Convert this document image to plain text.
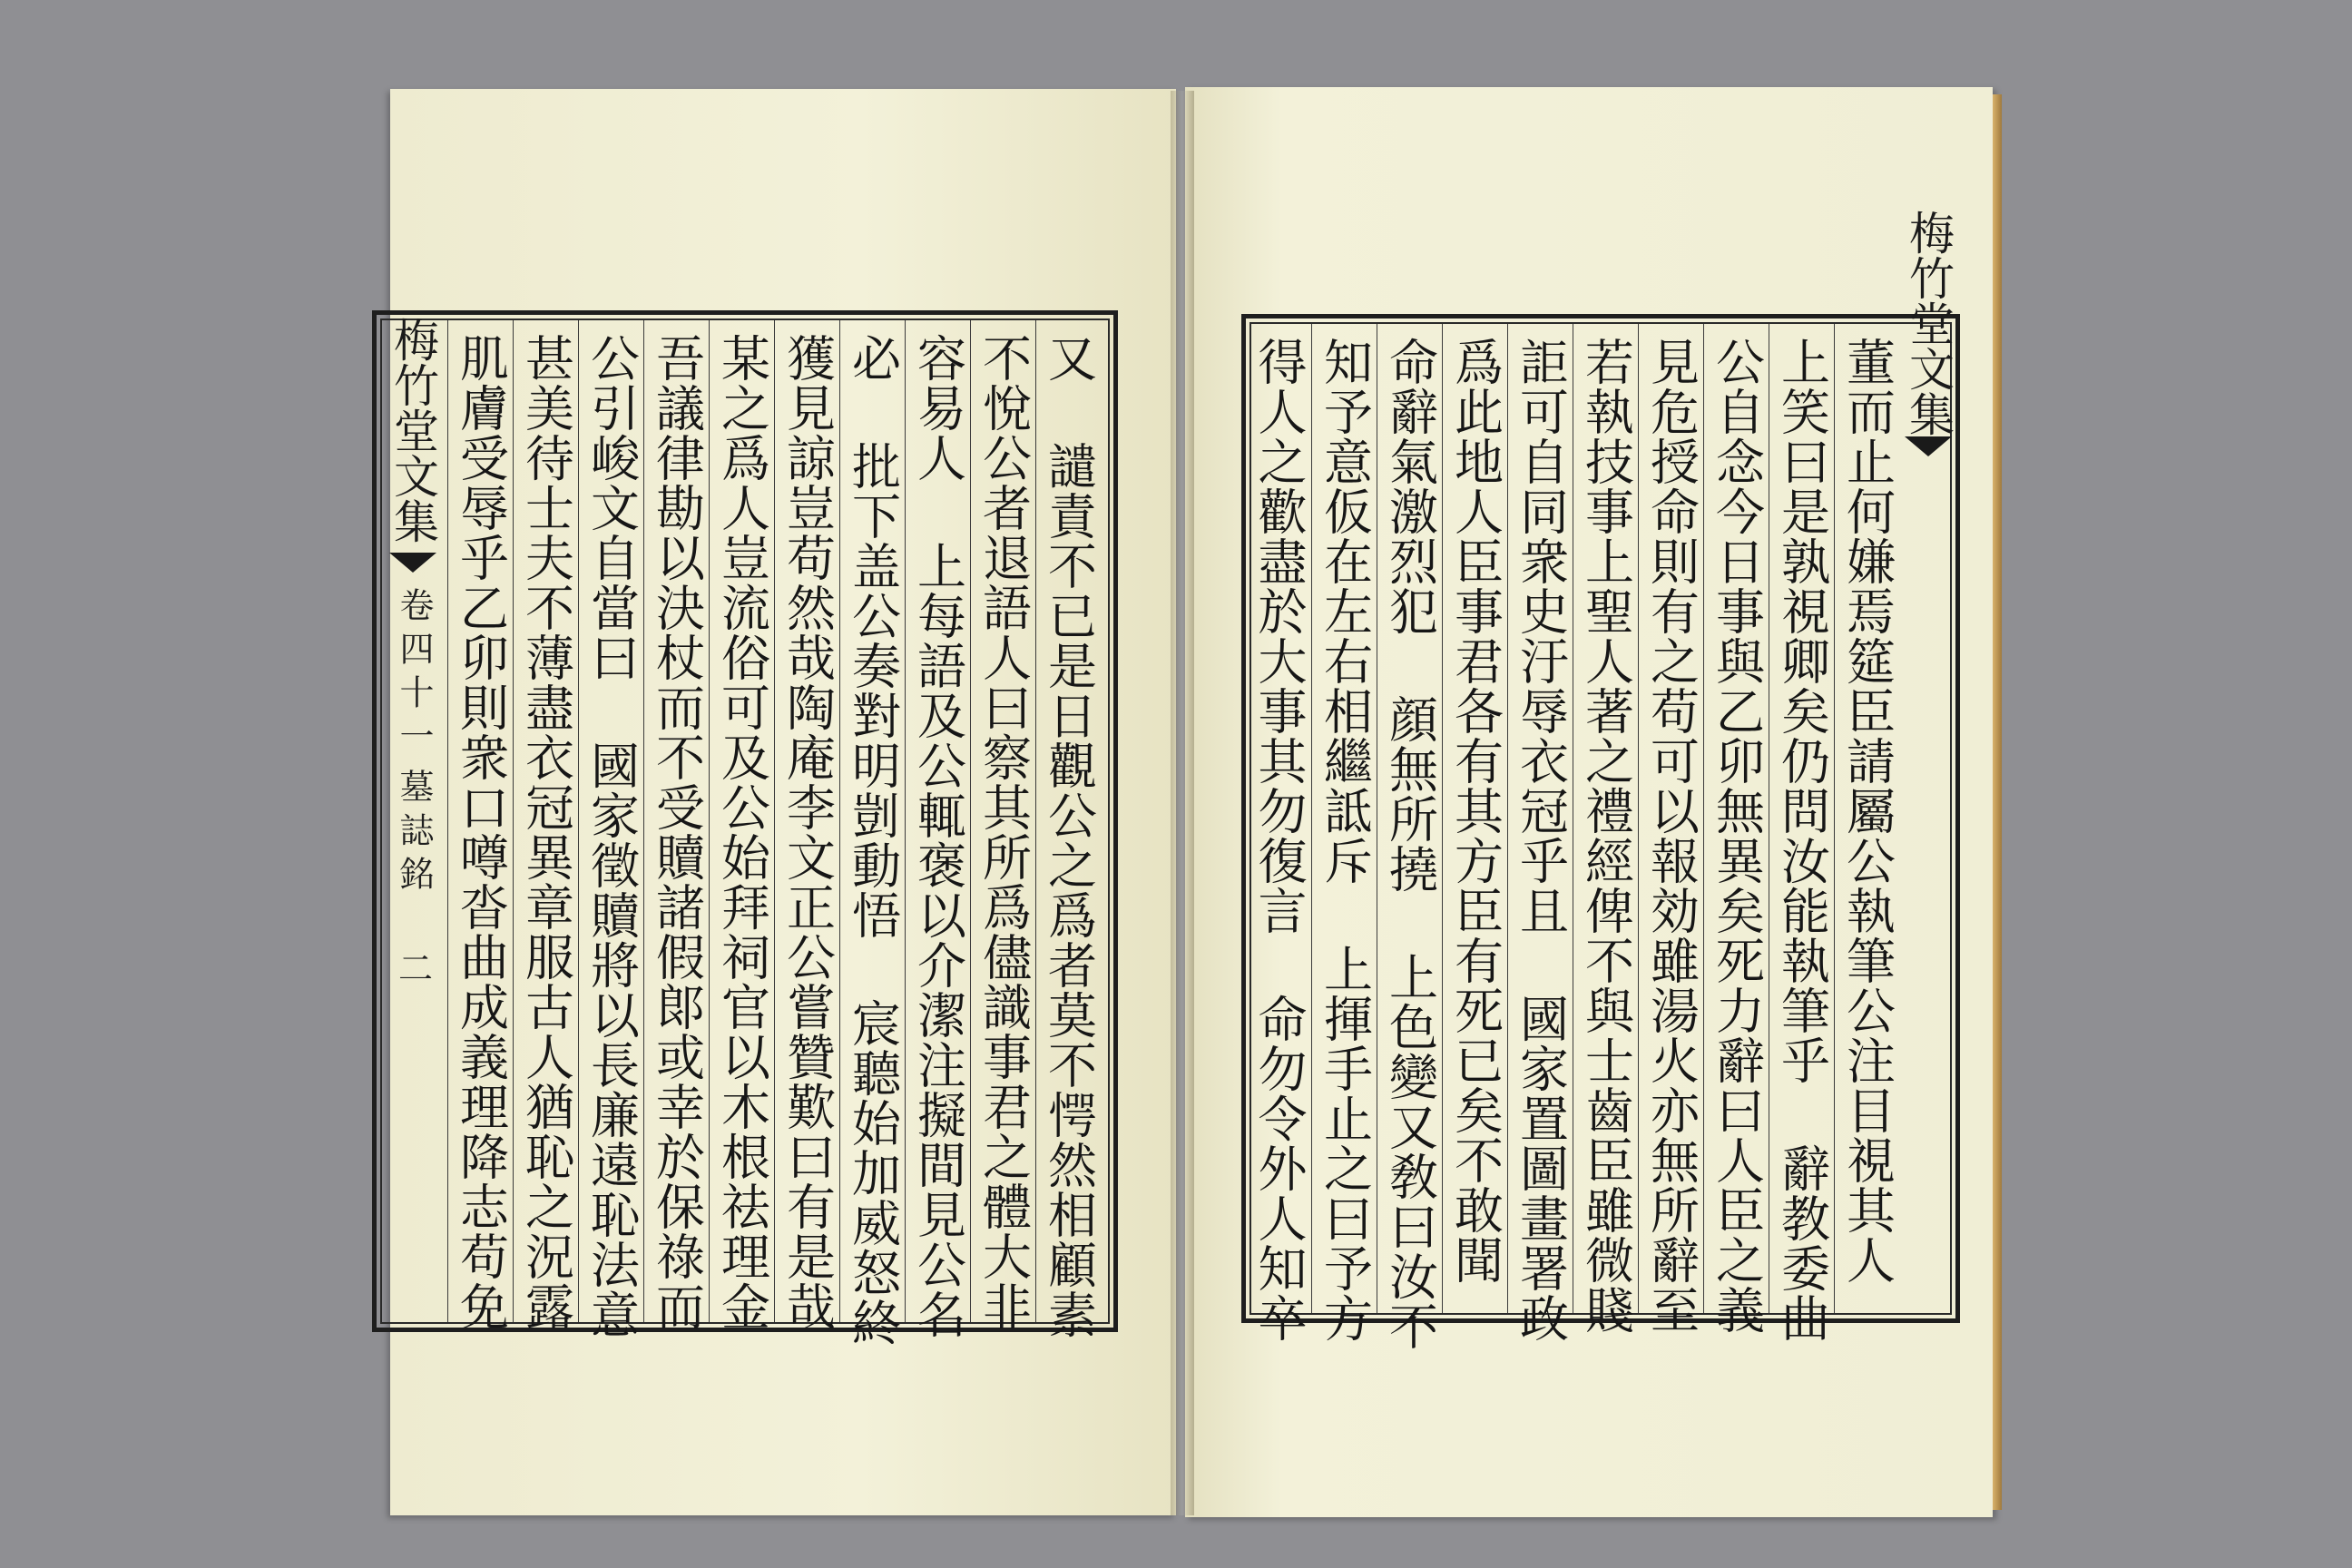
又 譴責不已是日觀公之爲者莫不愕然相顧素
不悅公者退語人曰察其所爲儘識事君之體大非
容易人 上每語及公輒褒以介潔注擬間見公名
必 批下盖公奏對明剴動悟 宸聽始加威怒終
獲見諒豈苟然哉陶庵李文正公嘗贊歎曰有是哉
某之爲人豈流俗可及公始拜祠官以木根祛理金
吾議律勘以決杖而不受贖諸假郞或幸於保祿而
公引峻文自當曰 國家徵贖將以長廉遠恥法意
甚美待士夫不薄盡衣冠異章服古人猶恥之況露
肌膚受辱乎乙卯則衆口噂沓曲成義理降志苟免
梅竹堂文集
卷四十一
墓誌銘
二
梅竹堂文集
董而止何嫌焉筵臣請屬公執筆公注目視其人
上笑曰是孰視卿矣仍問汝能執筆乎 辭教委曲
公自念今日事與乙卯無異矣死力辭曰人臣之義
見危授命則有之苟可以報効雖湯火亦無所辭至
若執技事上聖人著之禮經俾不與士齒臣雖微賤
詎可自同衆史汙辱衣冠乎且 國家置圖畫署政
爲此地人臣事君各有其方臣有死已矣不敢聞
命辭氣激烈犯 顔無所撓 上色變又敎曰汝不
知予意仮在左右相繼詆斥 上揮手止之曰予方
得人之歡盡於大事其勿復言 命勿令外人知卒
